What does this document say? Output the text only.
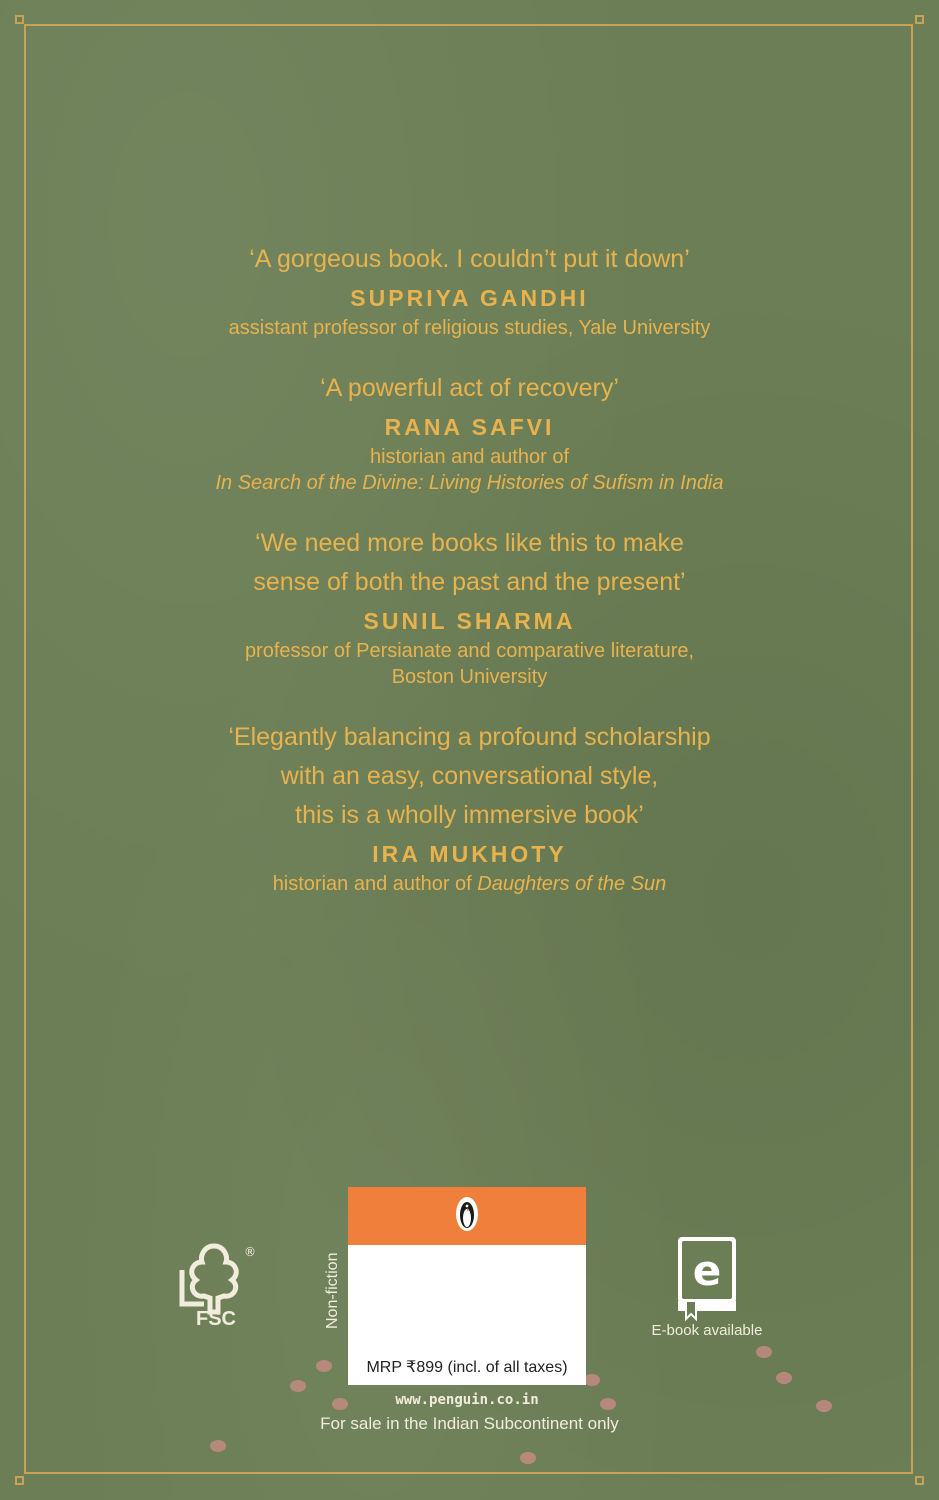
‘A gorgeous book. I couldn’t put it down’
SUPRIYA GANDHI
assistant professor of religious studies, Yale University
‘A powerful act of recovery’
RANA SAFVI
historian and author of
In Search of the Divine: Living Histories of Sufism in India
‘We need more books like this to make
sense of both the past and the present’
SUNIL SHARMA
professor of Persianate and comparative literature,
Boston University
‘Elegantly balancing a profound scholarship
with an easy, conversational style,
this is a wholly immersive book’
IRA MUKHOTY
historian and author of Daughters of the Sun
®
FSC	Non-fiction
MRP ₹899 (incl. of all taxes)
www.penguin.co.in
For sale in the Indian Subcontinent only
e
E-book available
